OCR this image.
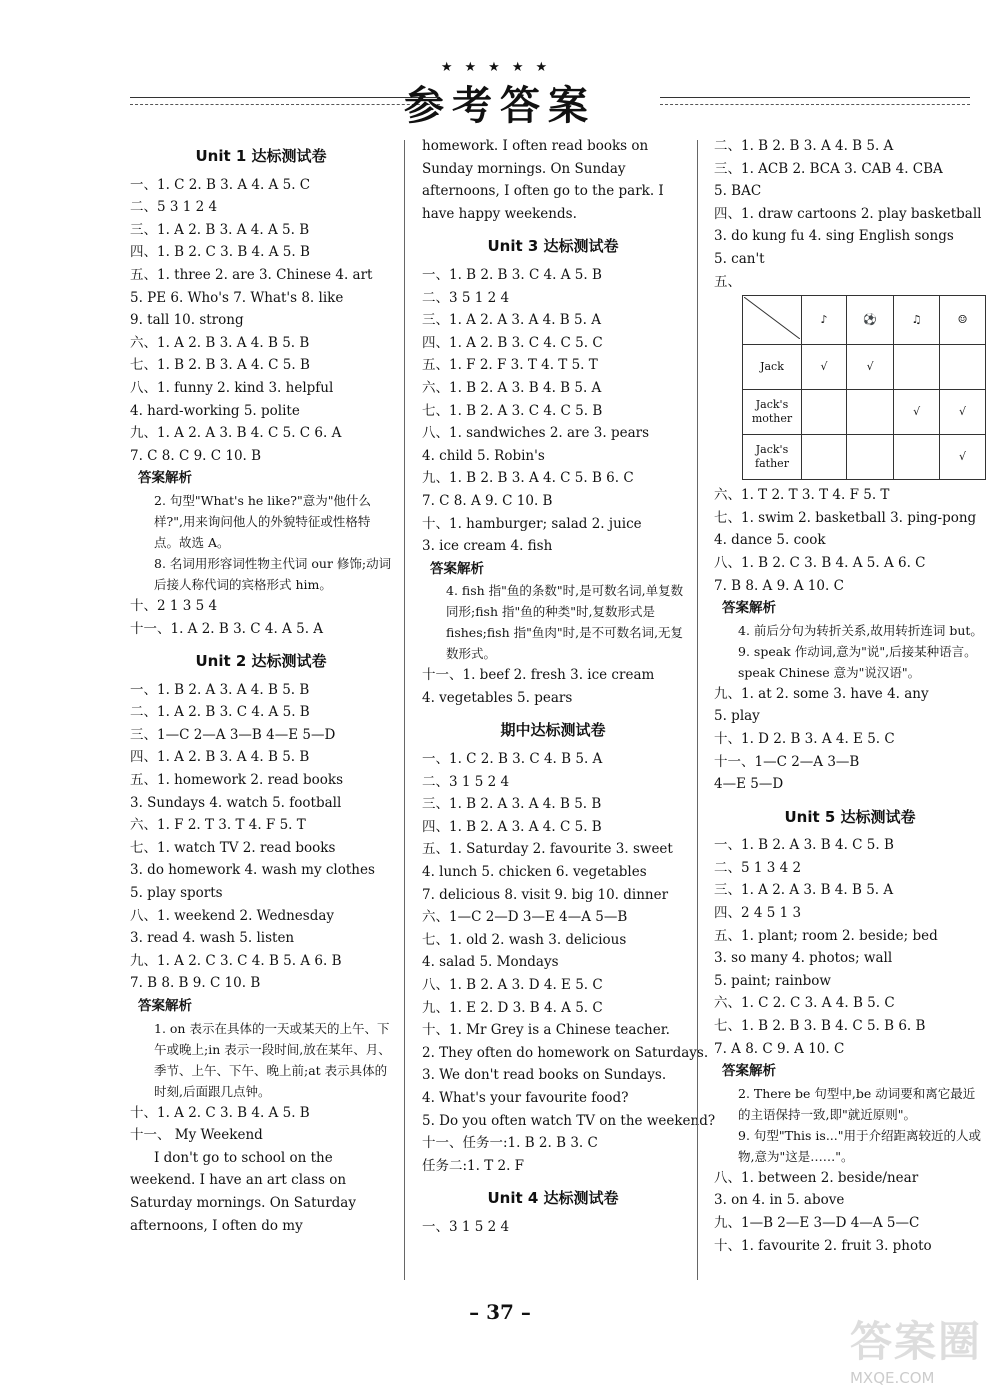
★★★★★
参考答案
Unit 1 达标测试卷
一、1. C 2. B 3. A 4. A 5. C
二、5 3 1 2 4
三、1. A 2. B 3. A 4. A 5. B
四、1. B 2. C 3. B 4. A 5. B
五、1. three 2. are 3. Chinese 4. art
5. PE 6. Who's 7. What's 8. like
9. tall 10. strong
六、1. A 2. B 3. A 4. B 5. B
七、1. B 2. B 3. A 4. C 5. B
八、1. funny 2. kind 3. helpful
4. hard-working 5. polite
九、1. A 2. A 3. B 4. C 5. C 6. A
7. C 8. C 9. C 10. B
答案解析
2. 句型"What's he like?"意为"他什么样?",用来询问他人的外貌特征或性格特点。故选 A。
8. 名词用形容词性物主代词 our 修饰;动词后接人称代词的宾格形式 him。
十、2 1 3 5 4
十一、1. A 2. B 3. C 4. A 5. A
Unit 2 达标测试卷
一、1. B 2. A 3. A 4. B 5. B
二、1. A 2. B 3. C 4. A 5. B
三、1—C 2—A 3—B 4—E 5—D
四、1. A 2. B 3. A 4. B 5. B
五、1. homework 2. read books
3. Sundays 4. watch 5. football
六、1. F 2. T 3. T 4. F 5. T
七、1. watch TV 2. read books
3. do homework 4. wash my clothes
5. play sports
八、1. weekend 2. Wednesday
3. read 4. wash 5. listen
九、1. A 2. C 3. C 4. B 5. A 6. B
7. B 8. B 9. C 10. B
答案解析
1. on 表示在具体的一天或某天的上午、下午或晚上;in 表示一段时间,放在某年、月、季节、上午、下午、晚上前;at 表示具体的时刻,后面跟几点钟。
十、1. A 2. C 3. B 4. A 5. B
十一、 My Weekend
I don't go to school on the weekend. I have an art class on Saturday mornings. On Saturday afternoons, I often do my
homework. I often read books on Sunday mornings. On Sunday afternoons, I often go to the park. I have happy weekends.
Unit 3 达标测试卷
一、1. B 2. B 3. C 4. A 5. B
二、3 5 1 2 4
三、1. A 2. A 3. A 4. B 5. A
四、1. A 2. B 3. C 4. C 5. C
五、1. F 2. F 3. T 4. T 5. T
六、1. B 2. A 3. B 4. B 5. A
七、1. B 2. A 3. C 4. C 5. B
八、1. sandwiches 2. are 3. pears
4. child 5. Robin's
九、1. B 2. B 3. A 4. C 5. B 6. C
7. C 8. A 9. C 10. B
十、1. hamburger; salad 2. juice
3. ice cream 4. fish
答案解析
4. fish 指"鱼的条数"时,是可数名词,单复数同形;fish 指"鱼的种类"时,复数形式是 fishes;fish 指"鱼肉"时,是不可数名词,无复数形式。
十一、1. beef 2. fresh 3. ice cream
4. vegetables 5. pears
期中达标测试卷
一、1. C 2. B 3. C 4. B 5. A
二、3 1 5 2 4
三、1. B 2. A 3. A 4. B 5. B
四、1. B 2. A 3. A 4. C 5. B
五、1. Saturday 2. favourite 3. sweet
4. lunch 5. chicken 6. vegetables
7. delicious 8. visit 9. big 10. dinner
六、1—C 2—D 3—E 4—A 5—B
七、1. old 2. wash 3. delicious
4. salad 5. Mondays
八、1. B 2. A 3. D 4. E 5. C
九、1. E 2. D 3. B 4. A 5. C
十、1. Mr Grey is a Chinese teacher.
2. They often do homework on Saturdays.
3. We don't read books on Sundays.
4. What's your favourite food?
5. Do you often watch TV on the weekend?
十一、任务一:1. B 2. B 3. C
任务二:1. T 2. F
Unit 4 达标测试卷
一、3 1 5 2 4
二、1. B 2. B 3. A 4. B 5. A
三、1. ACB 2. BCA 3. CAB 4. CBA
5. BAC
四、1. draw cartoons 2. play basketball
3. do kung fu 4. sing English songs
5. can't
五、
	♪	⚽	♫	☺
Jack	√	√		
Jack's mother			√	√
Jack's father				√
六、1. T 2. T 3. T 4. F 5. T
七、1. swim 2. basketball 3. ping-pong
4. dance 5. cook
八、1. B 2. C 3. B 4. A 5. A 6. C
7. B 8. A 9. A 10. C
答案解析
4. 前后分句为转折关系,故用转折连词 but。
9. speak 作动词,意为"说",后接某种语言。speak Chinese 意为"说汉语"。
九、1. at 2. some 3. have 4. any
5. play
十、1. D 2. B 3. A 4. E 5. C
十一、1—C 2—A 3—B
4—E 5—D
Unit 5 达标测试卷
一、1. B 2. A 3. B 4. C 5. B
二、5 1 3 4 2
三、1. A 2. A 3. B 4. B 5. A
四、2 4 5 1 3
五、1. plant; room 2. beside; bed
3. so many 4. photos; wall
5. paint; rainbow
六、1. C 2. C 3. A 4. B 5. C
七、1. B 2. B 3. B 4. C 5. B 6. B
7. A 8. C 9. A 10. C
答案解析
2. There be 句型中,be 动词要和离它最近的主语保持一致,即"就近原则"。
9. 句型"This is..."用于介绍距离较近的人或物,意为"这是……"。
八、1. between 2. beside/near
3. on 4. in 5. above
九、1—B 2—E 3—D 4—A 5—C
十、1. favourite 2. fruit 3. photo
– 37 –
答案圈
MXQE.COM
